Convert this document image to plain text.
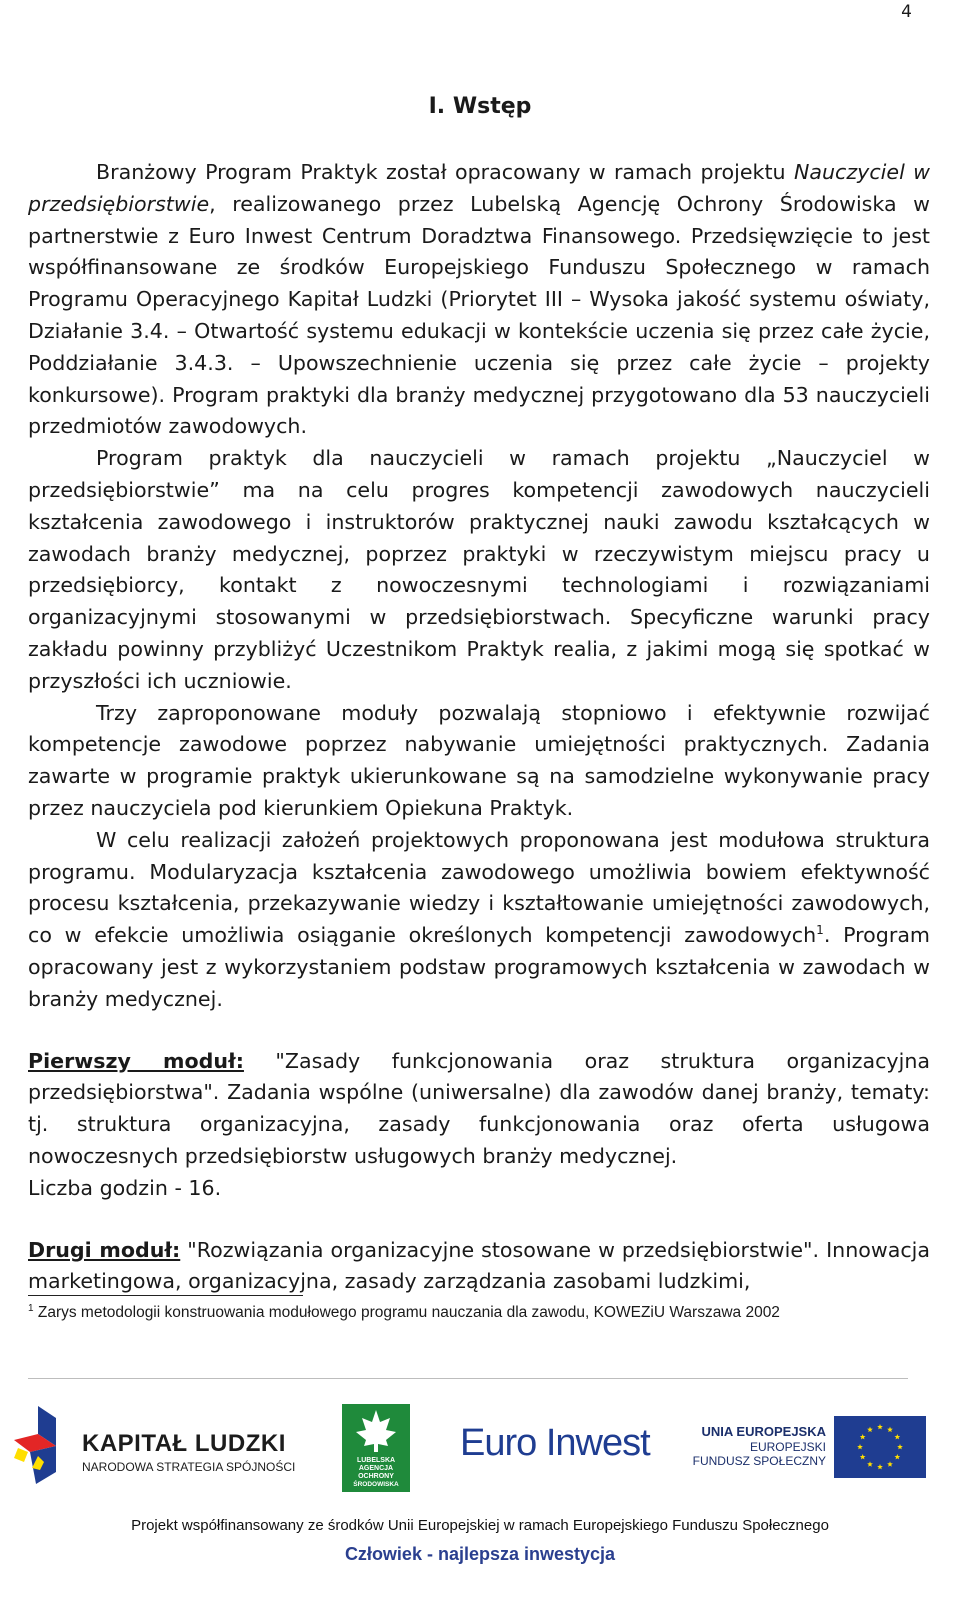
4
I. Wstęp

Branżowy Program Praktyk został opracowany w ramach projektu Nauczyciel w przedsiębiorstwie, realizowanego przez Lubelską Agencję Ochrony Środowiska w partnerstwie z Euro Inwest Centrum Doradztwa Finansowego. Przedsięwzięcie to jest współfinansowane ze środków Europejskiego Funduszu Społecznego w ramach Programu Operacyjnego Kapitał Ludzki (Priorytet III – Wysoka jakość systemu oświaty, Działanie 3.4. – Otwartość systemu edukacji w kontekście uczenia się przez całe życie, Poddziałanie 3.4.3. – Upowszechnienie uczenia się przez całe życie – projekty konkursowe). Program praktyki dla branży medycznej przygotowano dla 53 nauczycieli przedmiotów zawodowych.

Program praktyk dla nauczycieli w ramach projektu „Nauczyciel w przedsiębiorstwie” ma na celu progres kompetencji zawodowych nauczycieli kształcenia zawodowego i instruktorów praktycznej nauki zawodu kształcących w zawodach branży medycznej, poprzez praktyki w rzeczywistym miejscu pracy u przedsiębiorcy, kontakt z nowoczesnymi technologiami i rozwiązaniami organizacyjnymi stosowanymi w przedsiębiorstwach. Specyficzne warunki pracy zakładu powinny przybliżyć Uczestnikom Praktyk realia, z jakimi mogą się spotkać w przyszłości ich uczniowie.

Trzy zaproponowane moduły pozwalają stopniowo i efektywnie rozwijać kompetencje zawodowe poprzez nabywanie umiejętności praktycznych. Zadania zawarte w programie praktyk ukierunkowane są na samodzielne wykonywanie pracy przez nauczyciela pod kierunkiem Opiekuna Praktyk.

W celu realizacji założeń projektowych proponowana jest modułowa struktura programu. Modularyzacja kształcenia zawodowego umożliwia bowiem efektywność procesu kształcenia, przekazywanie wiedzy i kształtowanie umiejętności zawodowych, co w efekcie umożliwia osiąganie określonych kompetencji zawodowych$^1$. Program opracowany jest z wykorzystaniem podstaw programowych kształcenia w zawodach w branży medycznej.

Pierwszy moduł: "Zasady funkcjonowania oraz struktura organizacyjna przedsiębiorstwa". Zadania wspólne (uniwersalne) dla zawodów danej branży, tematy: tj. struktura organizacyjna, zasady funkcjonowania oraz oferta usługowa nowoczesnych przedsiębiorstw usługowych branży medycznej.

Liczba godzin - 16.

Drugi moduł: "Rozwiązania organizacyjne stosowane w przedsiębiorstwie". Innowacja marketingowa, organizacyjna, zasady zarządzania zasobami ludzkimi,

$^1$ Zarys metodologii konstruowania modułowego programu nauczania dla zawodu, KOWEZiU Warszawa 2002
KAPITAŁ LUDZKI
NARODOWA STRATEGIA SPÓJNOŚCI	LUBELSKA
AGENCJA
OCHRONY
ŚRODOWISKA
Euro Inwest	UNIA EUROPEJSKA
EUROPEJSKI
FUNDUSZ SPOŁECZNY
Projekt współfinansowany ze środków Unii Europejskiej w ramach Europejskiego Funduszu Społecznego
Człowiek - najlepsza inwestycja
